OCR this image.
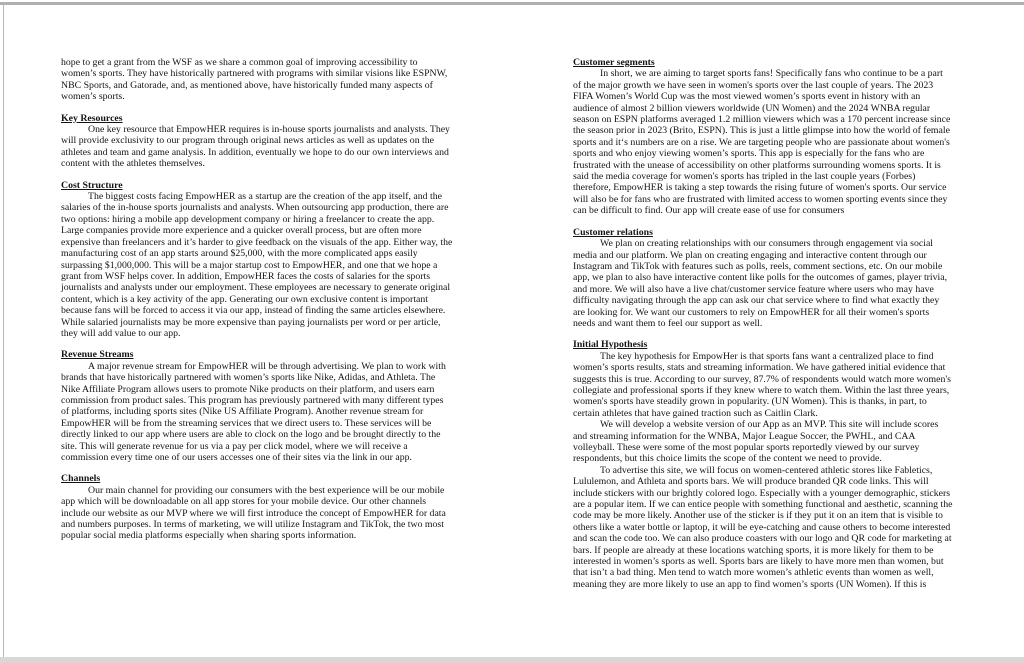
hope to get a grant from the WSF as we share a common goal of improving accessibility to women’s sports. They have historically partnered with programs with similar visions like ESPNW, NBC Sports, and Gatorade, and, as mentioned above, have historically funded many aspects of women’s sports.

Key Resources

One key resource that EmpowHER requires is in-house sports journalists and analysts. They will provide exclusivity to our program through original news articles as well as updates on the athletes and team and game analysis. In addition, eventually we hope to do our own interviews and content with the athletes themselves.

Cost Structure

The biggest costs facing EmpowHER as a startup are the creation of the app itself, and the salaries of the in-house sports journalists and analysts. When outsourcing app production, there are two options: hiring a mobile app development company or hiring a freelancer to create the app. Large companies provide more experience and a quicker overall process, but are often more expensive than freelancers and it’s harder to give feedback on the visuals of the app. Either way, the manufacturing cost of an app starts around $25,000, with the more complicated apps easily surpassing $1,000,000. This will be a major startup cost to EmpowHER, and one that we hope a grant from WSF helps cover. In addition, EmpowHER faces the costs of salaries for the sports journalists and analysts under our employment. These employees are necessary to generate original content, which is a key activity of the app. Generating our own exclusive content is important because fans will be forced to access it via our app, instead of finding the same articles elsewhere. While salaried journalists may be more expensive than paying journalists per word or per article, they will add value to our app.

Revenue Streams

A major revenue stream for EmpowHER will be through advertising. We plan to work with brands that have historically partnered with women’s sports like Nike, Adidas, and Athleta. The Nike Affiliate Program allows users to promote Nike products on their platform, and users earn commission from product sales. This program has previously partnered with many different types of platforms, including sports sites (Nike US Affiliate Program). Another revenue stream for EmpowHER will be from the streaming services that we direct users to. These services will be directly linked to our app where users are able to clock on the logo and be brought directly to the site. This will generate revenue for us via a pay per click model, where we will receive a commission every time one of our users accesses one of their sites via the link in our app.

Channels

Our main channel for providing our consumers with the best experience will be our mobile app which will be downloadable on all app stores for your mobile device. Our other channels include our website as our MVP where we will first introduce the concept of EmpowHER for data and numbers purposes. In terms of marketing, we will utilize Instagram and TikTok, the two most popular social media platforms especially when sharing sports information.

Customer segments

In short, we are aiming to target sports fans! Specifically fans who continue to be a part of the major growth we have seen in women's sports over the last couple of years. The 2023 FIFA Women’s World Cup was the most viewed women’s sports event in history with an audience of almost 2 billion viewers worldwide (UN Women) and the 2024 WNBA regular season on ESPN platforms averaged 1.2 million viewers which was a 170 percent increase since the season prior in 2023 (Brito, ESPN). This is just a little glimpse into how the world of female sports and it‘s numbers are on a rise. We are targeting people who are passionate about women's sports and who enjoy viewing women’s sports. This app is especially for the fans who are frustrated with the unease of accessibility on other platforms surrounding womens sports. It is said the media coverage for women's sports has tripled in the last couple years (Forbes) therefore, EmpowHER is taking a step towards the rising future of women's sports. Our service will also be for fans who are frustrated with limited access to women sporting events since they can be difficult to find. Our app will create ease of use for consumers

Customer relations

We plan on creating relationships with our consumers through engagement via social media and our platform. We plan on creating engaging and interactive content through our Instagram and TikTok with features such as polls, reels, comment sections, etc. On our mobile app, we plan to also have interactive content like polls for the outcomes of games, player trivia, and more. We will also have a live chat/customer service feature where users who may have difficulty navigating through the app can ask our chat service where to find what exactly they are looking for. We want our customers to rely on EmpowHER for all their women's sports needs and want them to feel our support as well.

Initial Hypothesis

The key hypothesis for EmpowHer is that sports fans want a centralized place to find women’s sports results, stats and streaming information. We have gathered initial evidence that suggests this is true. According to our survey, 87.7% of respondents would watch more women's collegiate and professional sports if they knew where to watch them. Within the last three years, women's sports have steadily grown in popularity. (UN Women). This is thanks, in part, to certain athletes that have gained traction such as Caitlin Clark.

We will develop a website version of our App as an MVP. This site will include scores and streaming information for the WNBA, Major League Soccer, the PWHL, and CAA volleyball. These were some of the most popular sports reportedly viewed by our survey respondents, but this choice limits the scope of the content we need to provide.

To advertise this site, we will focus on women-centered athletic stores like Fabletics, Lululemon, and Athleta and sports bars. We will produce branded QR code links. This will include stickers with our brightly colored logo. Especially with a younger demographic, stickers are a popular item. If we can entice people with something functional and aesthetic, scanning the code may be more likely. Another use of the sticker is if they put it on an item that is visible to others like a water bottle or laptop, it will be eye-catching and cause others to become interested and scan the code too. We can also produce coasters with our logo and QR code for marketing at bars. If people are already at these locations watching sports, it is more likely for them to be interested in women’s sports as well. Sports bars are likely to have more men than women, but that isn’t a bad thing. Men tend to watch more women’s athletic events than women as well, meaning they are more likely to use an app to find women’s sports (UN Women). If this is
